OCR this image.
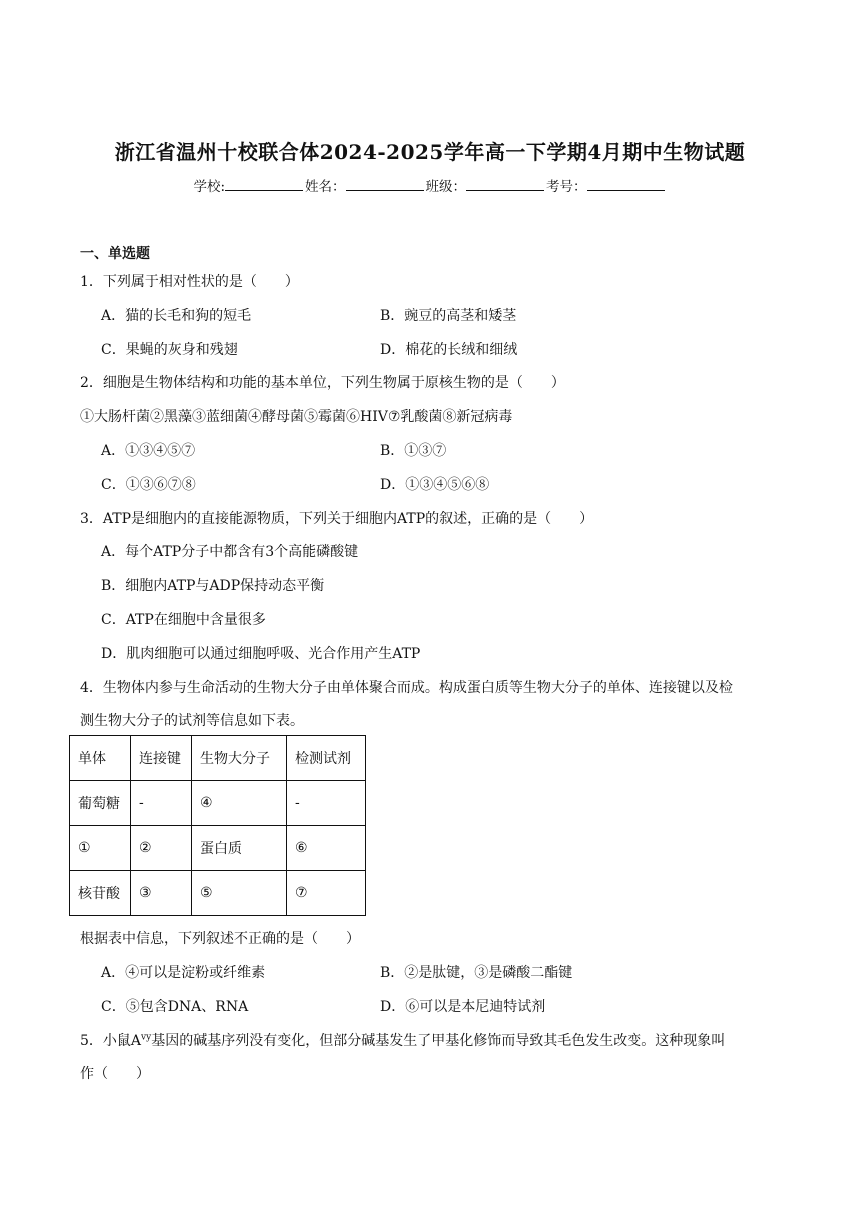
浙江省温州十校联合体2024-2025学年高一下学期4月期中生物试题
学校:	姓名：	班级：	考号：
一、单选题
1．下列属于相对性状的是（　　）
A．猫的长毛和狗的短毛	B．豌豆的高茎和矮茎
C．果蝇的灰身和残翅	D．棉花的长绒和细绒
2．细胞是生物体结构和功能的基本单位，下列生物属于原核生物的是（　　）
①大肠杆菌②黑藻③蓝细菌④酵母菌⑤霉菌⑥HIV⑦乳酸菌⑧新冠病毒
A．①③④⑤⑦	B．①③⑦
C．①③⑥⑦⑧	D．①③④⑤⑥⑧
3．ATP是细胞内的直接能源物质，下列关于细胞内ATP的叙述，正确的是（　　）
A．每个ATP分子中都含有3个高能磷酸键
B．细胞内ATP与ADP保持动态平衡
C．ATP在细胞中含量很多
D．肌肉细胞可以通过细胞呼吸、光合作用产生ATP
4．生物体内参与生命活动的生物大分子由单体聚合而成。构成蛋白质等生物大分子的单体、连接键以及检
测生物大分子的试剂等信息如下表。
单体	连接键	生物大分子	检测试剂
葡萄糖	-	④	-
①	②	蛋白质	⑥
核苷酸	③	⑤	⑦
根据表中信息，下列叙述不正确的是（　　）
A．④可以是淀粉或纤维素	B．②是肽键，③是磷酸二酯键
C．⑤包含DNA、RNA	D．⑥可以是本尼迪特试剂
5．小鼠$A^{vy}$基因的碱基序列没有变化，但部分碱基发生了甲基化修饰而导致其毛色发生改变。这种现象叫
作（　　）
